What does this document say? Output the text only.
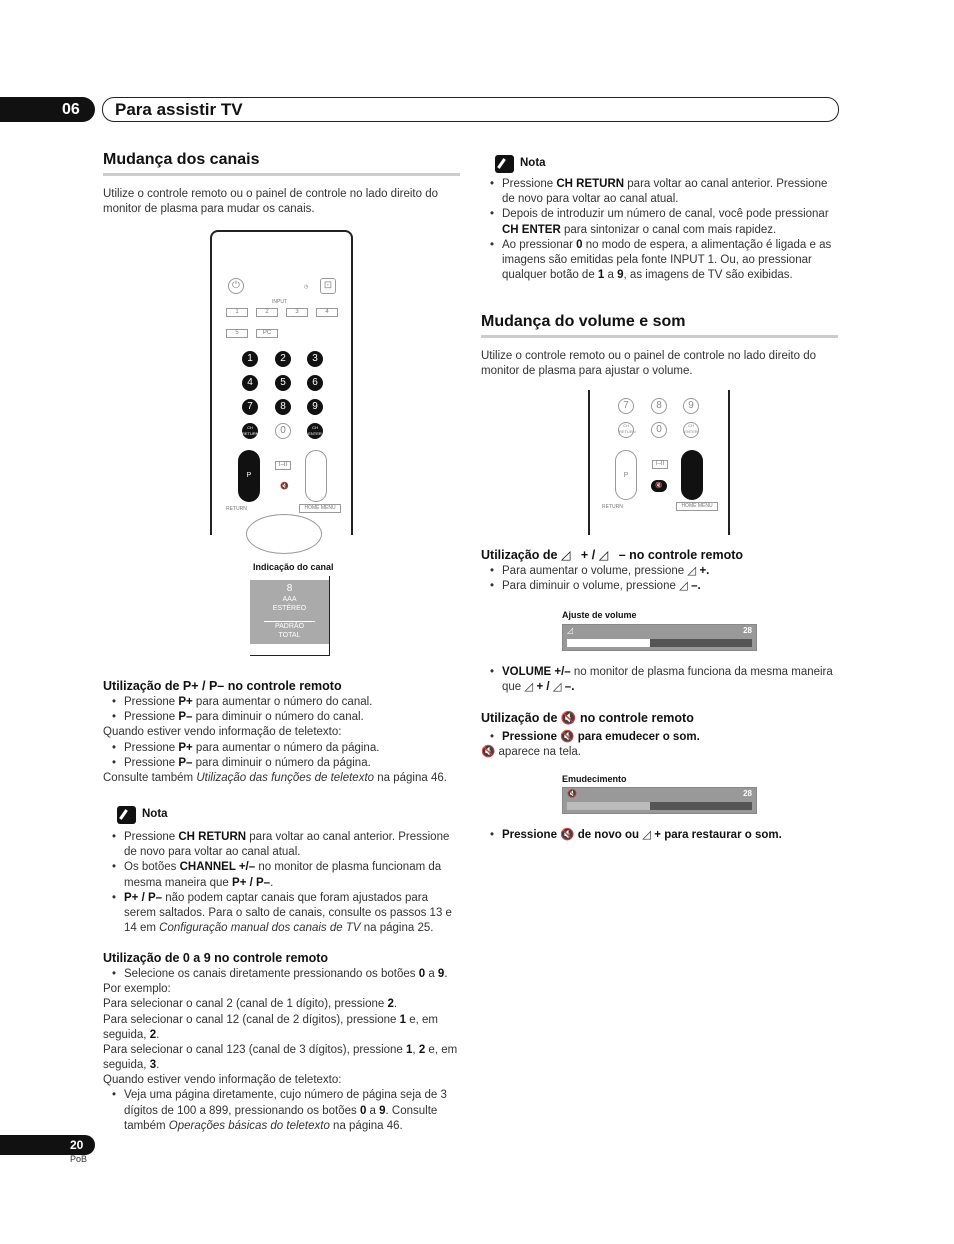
06	Para assistir TV
Mudança dos canais
Utilize o controle remoto ou o painel de controle no lado direito do monitor de plasma para mudar os canais.
⏻	◷	⊡
INPUT
1	2	3	4
5	PC
1	2	3
4	5	6
7	8	9
CH RETURN	0	CH ENTER
P
I–II
🔇
RETURN	HOME MENU
Indicação do canal
8
AAA
ESTÉREO
PADRÃO
TOTAL
Utilização de P+ / P– no controle remoto
• Pressione P+ para aumentar o número do canal.
• Pressione P– para diminuir o número do canal.
Quando estiver vendo informação de teletexto:
• Pressione P+ para aumentar o número da página.
• Pressione P– para diminuir o número da página.
Consulte também Utilização das funções de teletexto na página 46.
Nota
• Pressione CH RETURN para voltar ao canal anterior. Pressione de novo para voltar ao canal atual.
• Os botões CHANNEL +/– no monitor de plasma funcionam da mesma maneira que P+ / P–.
• P+ / P– não podem captar canais que foram ajustados para serem saltados. Para o salto de canais, consulte os passos 13 e 14 em Configuração manual dos canais de TV na página 25.
Utilização de 0 a 9 no controle remoto
• Selecione os canais diretamente pressionando os botões 0 a 9.
Por exemplo:
Para selecionar o canal 2 (canal de 1 dígito), pressione 2.
Para selecionar o canal 12 (canal de 2 dígitos), pressione 1 e, em seguida, 2.
Para selecionar o canal 123 (canal de 3 dígitos), pressione 1, 2 e, em seguida, 3.
Quando estiver vendo informação de teletexto:
• Veja uma página diretamente, cujo número de página seja de 3 dígitos de 100 a 899, pressionando os botões 0 a 9. Consulte também Operações básicas do teletexto na página 46.
Nota
• Pressione CH RETURN para voltar ao canal anterior. Pressione de novo para voltar ao canal atual.
• Depois de introduzir um número de canal, você pode pressionar CH ENTER para sintonizar o canal com mais rapidez.
• Ao pressionar 0 no modo de espera, a alimentação é ligada e as imagens são emitidas pela fonte INPUT 1. Ou, ao pressionar qualquer botão de 1 a 9, as imagens de TV são exibidas.
Mudança do volume e som
Utilize o controle remoto ou o painel de controle no lado direito do monitor de plasma para ajustar o volume.
7	8	9
CH RETURN	0	CH ENTER
P
I–II
🔇
RETURN	HOME MENU
Utilização de ◿   + / ◿   – no controle remoto
• Para aumentar o volume, pressione ◿ +.
• Para diminuir o volume, pressione ◿ –.
Ajuste de volume
◿	28
• VOLUME +/– no monitor de plasma funciona da mesma maneira que ◿ + / ◿ –.
Utilização de 🔇 no controle remoto
• Pressione 🔇 para emudecer o som.
🔇 aparece na tela.
Emudecimento
🔇	28
• Pressione 🔇 de novo ou ◿ + para restaurar o som.
20
PoB
